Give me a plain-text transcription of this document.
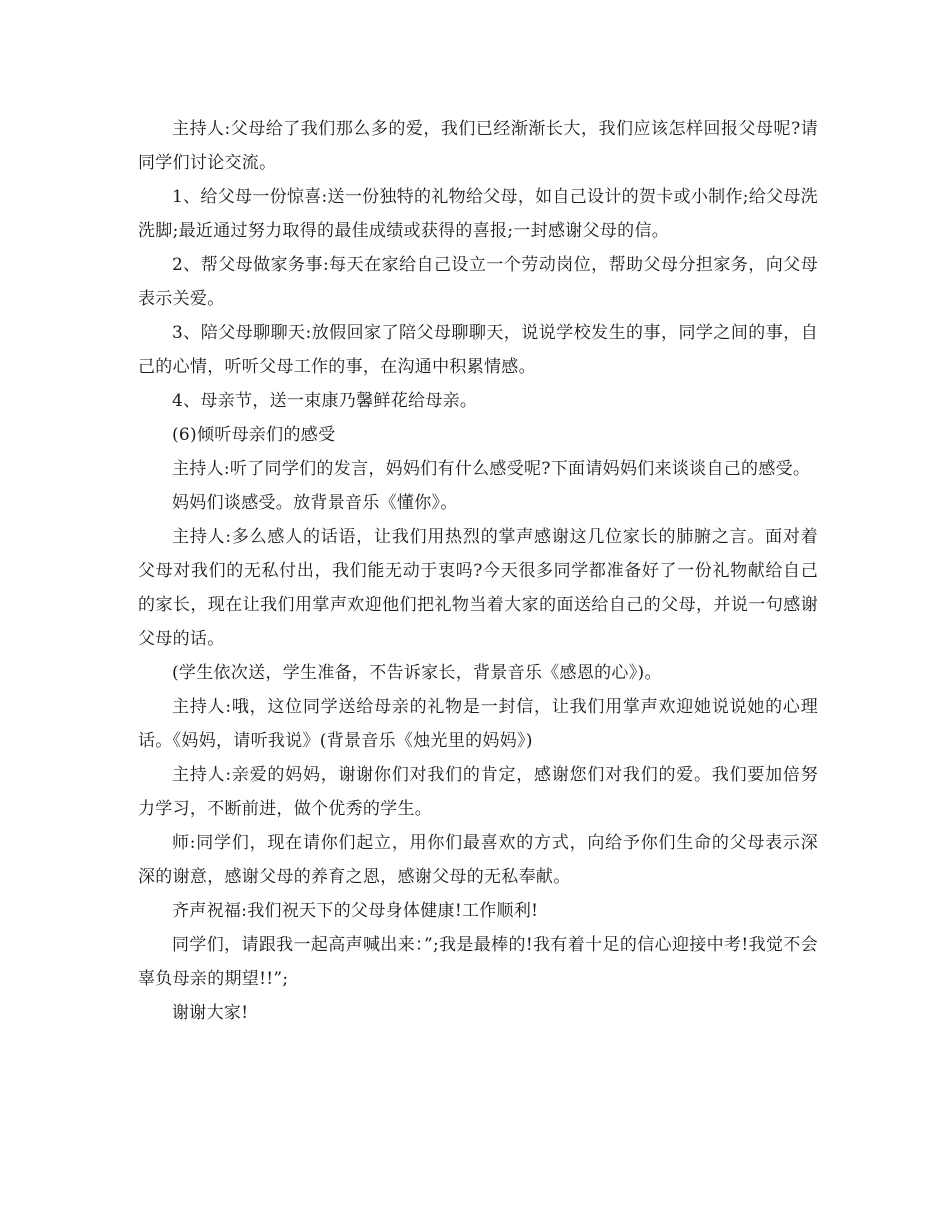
主持人:父母给了我们那么多的爱，我们已经渐渐长大，我们应该怎样回报父母呢?请同学们讨论交流。

1、给父母一份惊喜:送一份独特的礼物给父母，如自己设计的贺卡或小制作;给父母洗洗脚;最近通过努力取得的最佳成绩或获得的喜报;一封感谢父母的信。

2、帮父母做家务事:每天在家给自己设立一个劳动岗位，帮助父母分担家务，向父母表示关爱。

3、陪父母聊聊天:放假回家了陪父母聊聊天，说说学校发生的事，同学之间的事，自己的心情，听听父母工作的事，在沟通中积累情感。

4、母亲节，送一束康乃馨鲜花给母亲。

(6)倾听母亲们的感受

主持人:听了同学们的发言，妈妈们有什么感受呢?下面请妈妈们来谈谈自己的感受。

妈妈们谈感受。放背景音乐《懂你》。

主持人:多么感人的话语，让我们用热烈的掌声感谢这几位家长的肺腑之言。面对着父母对我们的无私付出，我们能无动于衷吗?今天很多同学都准备好了一份礼物献给自己的家长，现在让我们用掌声欢迎他们把礼物当着大家的面送给自己的父母，并说一句感谢父母的话。

(学生依次送，学生准备，不告诉家长，背景音乐《感恩的心》)。

主持人:哦，这位同学送给母亲的礼物是一封信，让我们用掌声欢迎她说说她的心理话。《妈妈，请听我说》(背景音乐《烛光里的妈妈》)

主持人:亲爱的妈妈，谢谢你们对我们的肯定，感谢您们对我们的爱。我们要加倍努力学习，不断前进，做个优秀的学生。

师:同学们，现在请你们起立，用你们最喜欢的方式，向给予你们生命的父母表示深深的谢意，感谢父母的养育之恩，感谢父母的无私奉献。

齐声祝福:我们祝天下的父母身体健康!工作顺利!

同学们，请跟我一起高声喊出来：”;我是最棒的!我有着十足的信心迎接中考!我觉不会辜负母亲的期望!!”;

谢谢大家!
